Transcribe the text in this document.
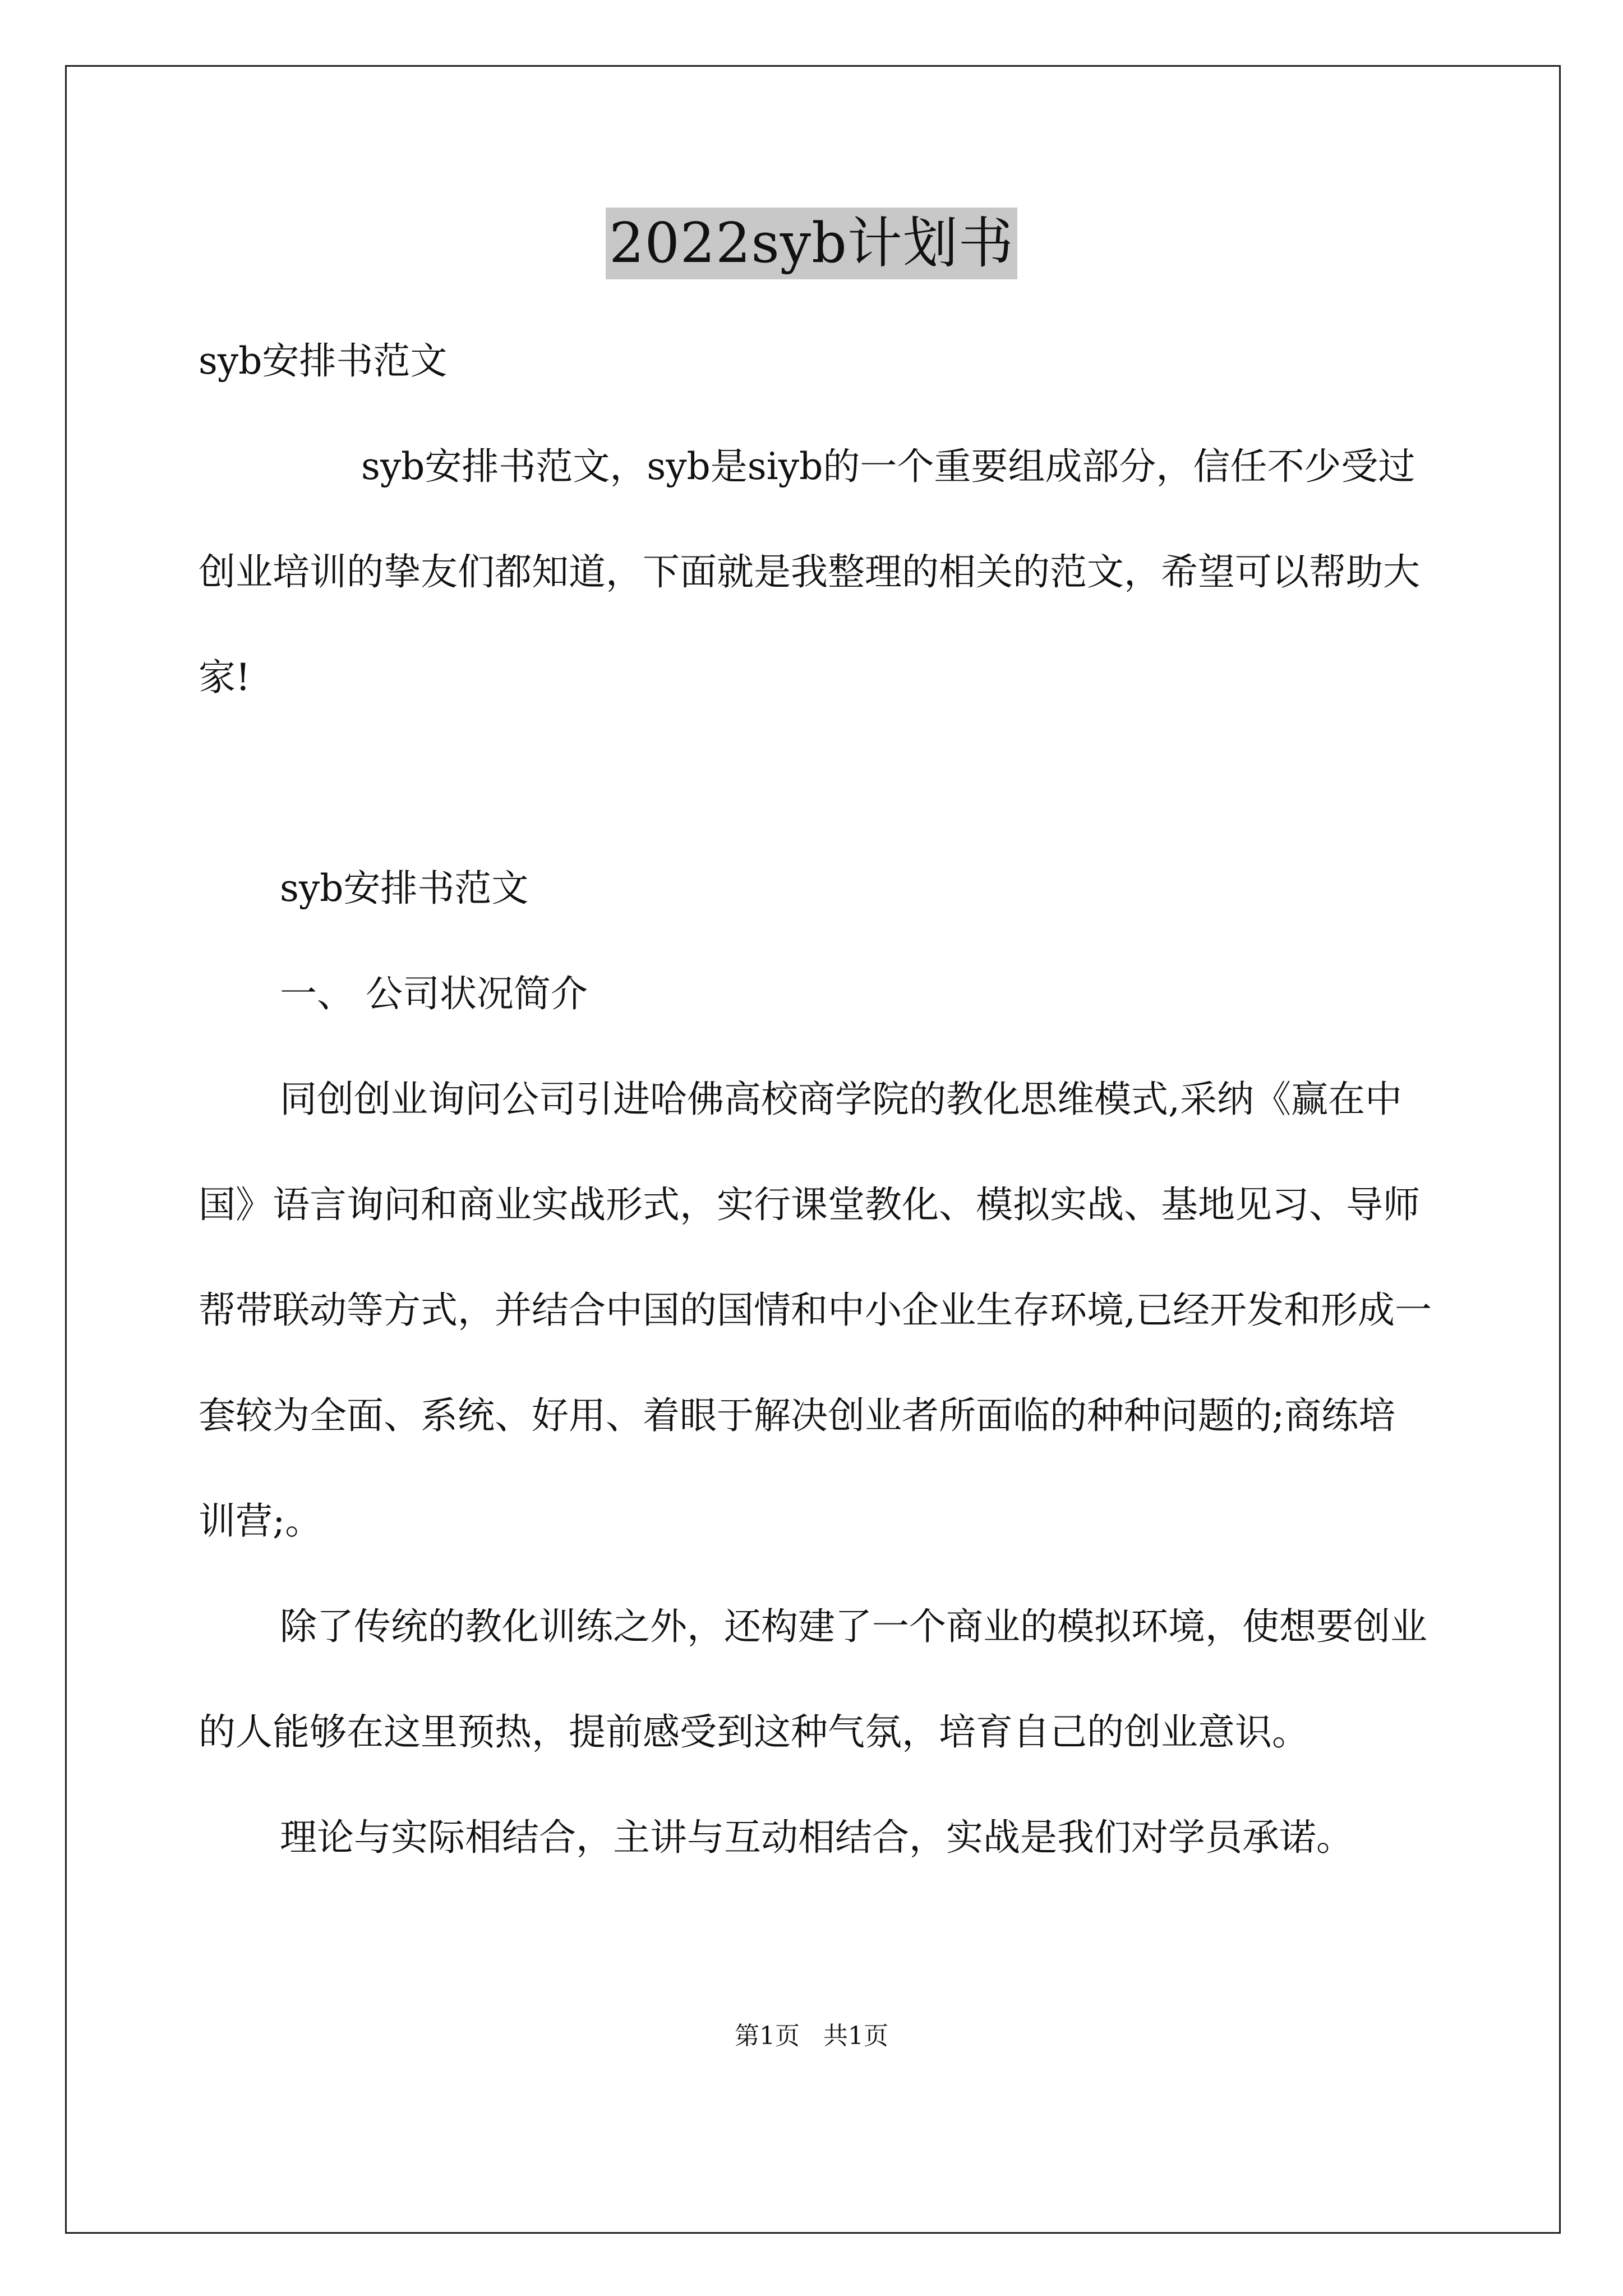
2022syb计划书

syb安排书范文

syb安排书范文，syb是siyb的一个重要组成部分，信任不少受过创业培训的挚友们都知道，下面就是我整理的相关的范文，希望可以帮助大家!

syb安排书范文

一、 公司状况简介

同创创业询问公司引进哈佛高校商学院的教化思维模式,采纳《赢在中国》语言询问和商业实战形式，实行课堂教化、模拟实战、基地见习、导师帮带联动等方式，并结合中国的国情和中小企业生存环境,已经开发和形成一套较为全面、系统、好用、着眼于解决创业者所面临的种种问题的;商练培训营;。

除了传统的教化训练之外，还构建了一个商业的模拟环境，使想要创业的人能够在这里预热，提前感受到这种气氛，培育自己的创业意识。

理论与实际相结合，主讲与互动相结合，实战是我们对学员承诺。

第1页   共1页
